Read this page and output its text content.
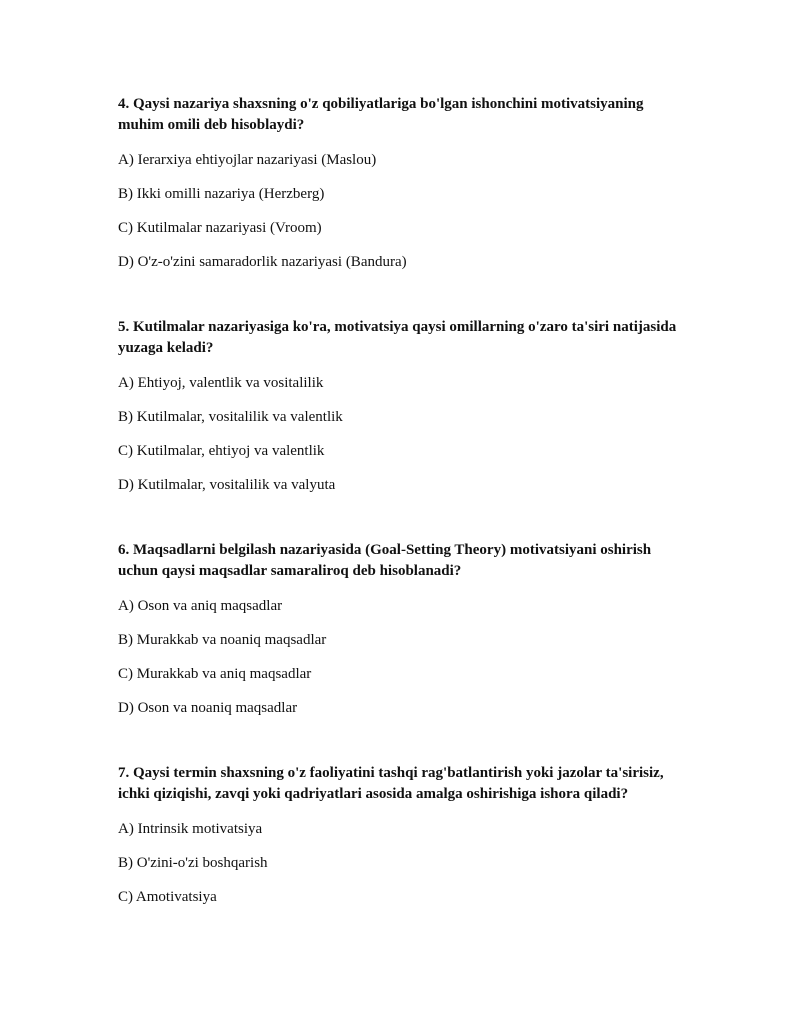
4. Qaysi nazariya shaxsning o'z qobiliyatlariga bo'lgan ishonchini motivatsiyaning muhim omili deb hisoblaydi?

A) Ierarxiya ehtiyojlar nazariyasi (Maslou)

B) Ikki omilli nazariya (Herzberg)

C) Kutilmalar nazariyasi (Vroom)

D) O'z-o'zini samaradorlik nazariyasi (Bandura)

5. Kutilmalar nazariyasiga ko'ra, motivatsiya qaysi omillarning o'zaro ta'siri natijasida yuzaga keladi?

A) Ehtiyoj, valentlik va vositalilik

B) Kutilmalar, vositalilik va valentlik

C) Kutilmalar, ehtiyoj va valentlik

D) Kutilmalar, vositalilik va valyuta

6. Maqsadlarni belgilash nazariyasida (Goal-Setting Theory) motivatsiyani oshirish uchun qaysi maqsadlar samaraliroq deb hisoblanadi?

A) Oson va aniq maqsadlar

B) Murakkab va noaniq maqsadlar

C) Murakkab va aniq maqsadlar

D) Oson va noaniq maqsadlar

7. Qaysi termin shaxsning o'z faoliyatini tashqi rag'batlantirish yoki jazolar ta'sirisiz, ichki qiziqishi, zavqi yoki qadriyatlari asosida amalga oshirishiga ishora qiladi?

A) Intrinsik motivatsiya

B) O'zini-o'zi boshqarish

C) Amotivatsiya
